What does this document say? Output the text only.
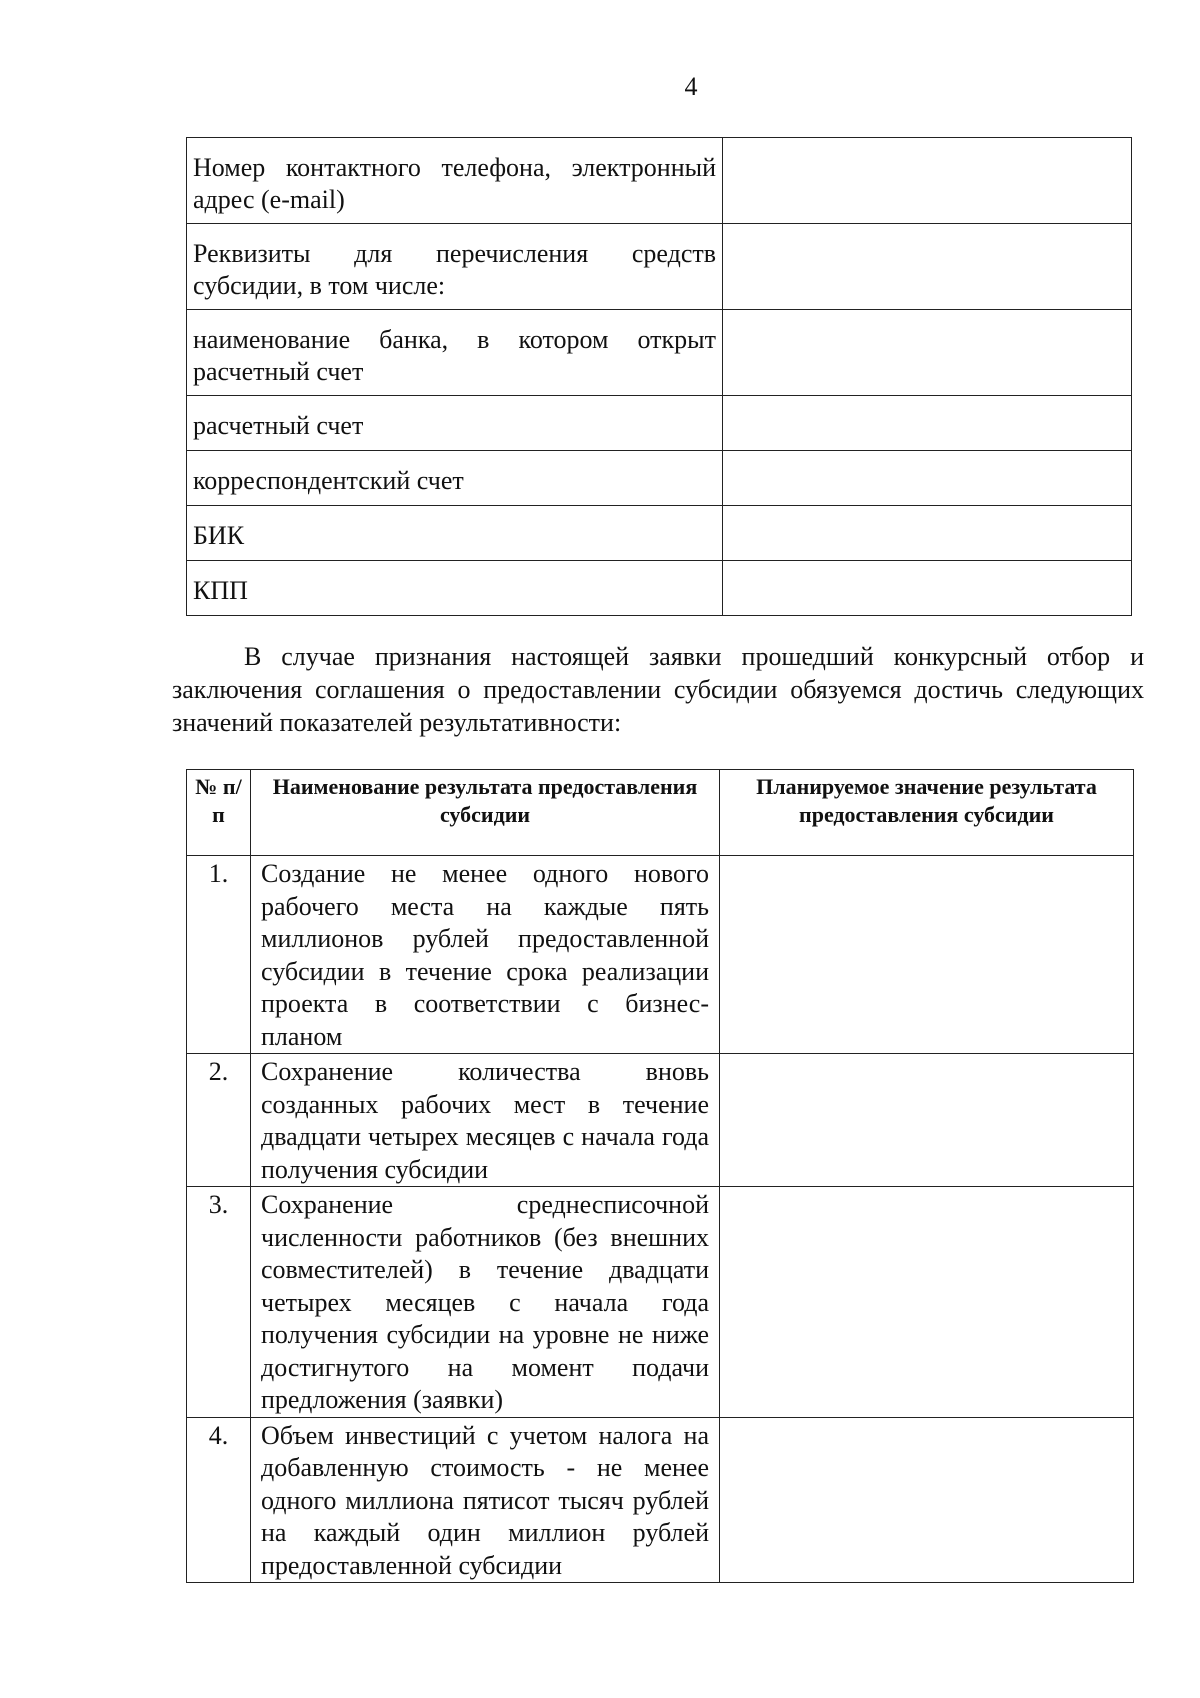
4
Номер контактного телефона, электронный адрес (e-mail)	
Реквизиты для перечисления средств субсидии, в том числе:	
наименование банка, в котором открыт расчетный счет	
расчетный счет	
корреспондентский счет	
БИК	
КПП	

В случае признания настоящей заявки прошедший конкурсный отбор и заключения соглашения о предоставлении субсидии обязуемся достичь следующих значений показателей результативности:

№ п/п	Наименование результата предоставления субсидии	Планируемое значение результата предоставления субсидии
1.	Создание не менее одного нового рабочего места на каждые пять миллионов рублей предоставленной субсидии в течение срока реализации проекта в соответствии с бизнес-планом	
2.	Сохранение количества вновь созданных рабочих мест в течение двадцати четырех месяцев с начала года получения субсидии	
3.	Сохранение среднесписочной численности работников (без внешних совместителей) в течение двадцати четырех месяцев с начала года получения субсидии на уровне не ниже достигнутого на момент подачи предложения (заявки)	
4.	Объем инвестиций с учетом налога на добавленную стоимость - не менее одного миллиона пятисот тысяч рублей на каждый один миллион рублей предоставленной субсидии	
